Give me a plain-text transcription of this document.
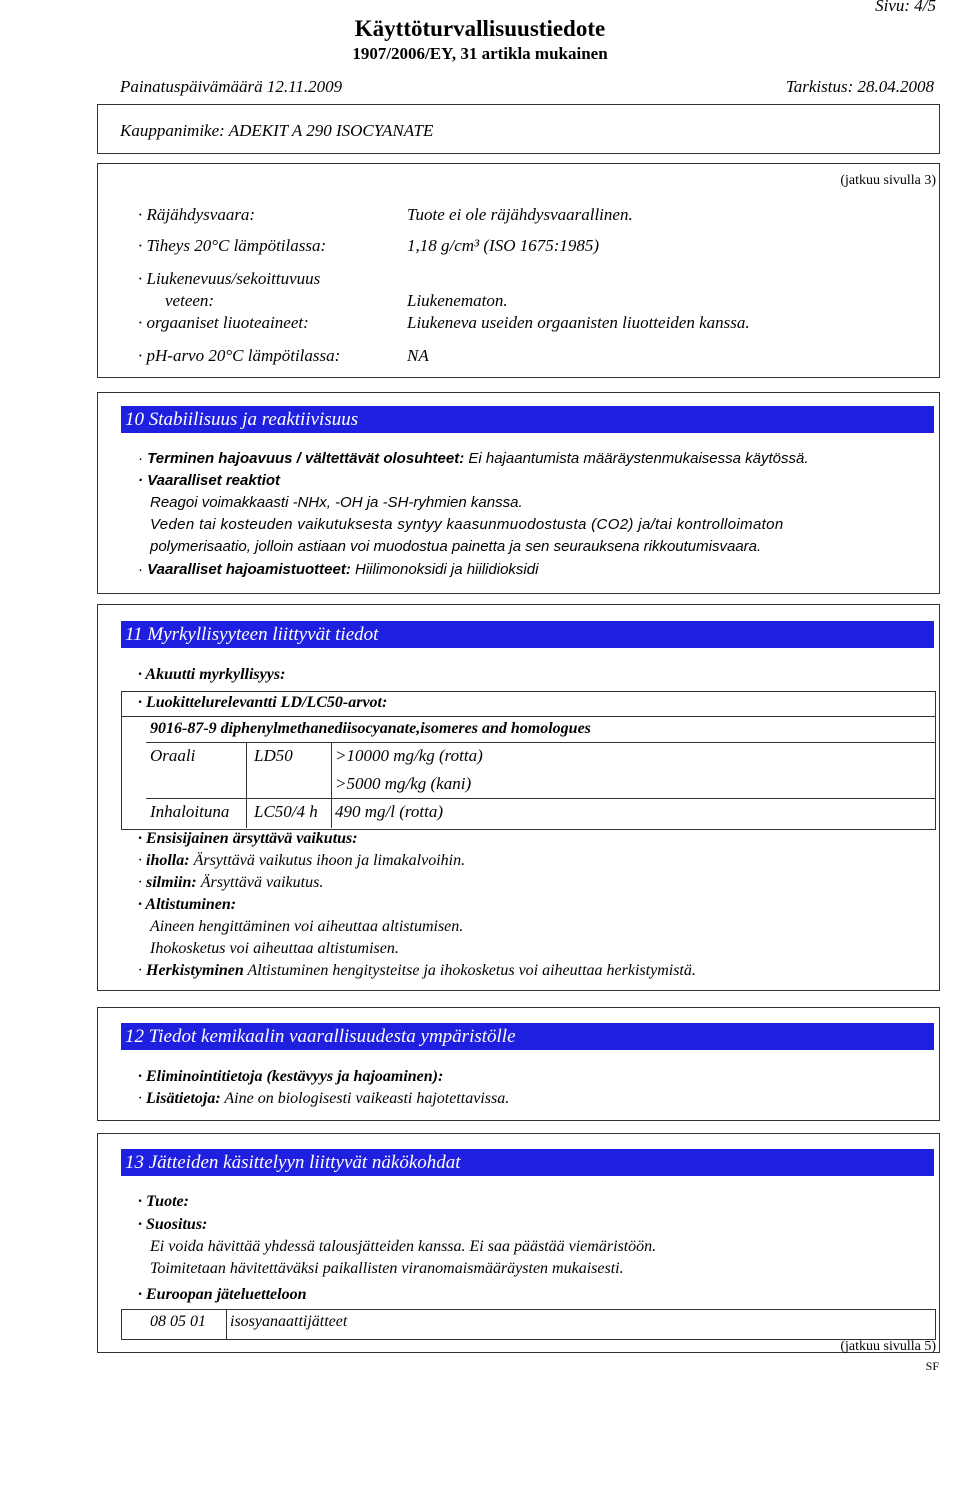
Sivu: 4/5
Käyttöturvallisuustiedote
1907/2006/EY, 31 artikla mukainen
Painatuspäivämäärä 12.11.2009	Tarkistus: 28.04.2008
Kauppanimike: ADEKIT A 290 ISOCYANATE
(jatkuu sivulla 3)
· Räjähdysvaara:	Tuote ei ole räjähdysvaarallinen.
· Tiheys 20°C lämpötilassa:	1,18 g/cm³ (ISO 1675:1985)
· Liukenevuus/sekoittuvuus
veteen:	Liukenematon.
· orgaaniset liuoteaineet:	Liukeneva useiden orgaanisten liuotteiden kanssa.
· pH-arvo 20°C lämpötilassa:	NA
10 Stabiilisuus ja reaktiivisuus
· Terminen hajoavuus / vältettävät olosuhteet: Ei hajaantumista määräystenmukaisessa käytössä.
· Vaaralliset reaktiot
Reagoi voimakkaasti -NHx, -OH ja -SH-ryhmien kanssa.
Veden tai kosteuden vaikutuksesta syntyy kaasunmuodostusta (CO2) ja/tai kontrolloimaton
polymerisaatio, jolloin astiaan voi muodostua painetta ja sen seurauksena rikkoutumisvaara.
· Vaaralliset hajoamistuotteet: Hiilimonoksidi ja hiilidioksidi
11 Myrkyllisyyteen liittyvät tiedot
· Akuutti myrkyllisyys:
· Luokittelurelevantti LD/LC50-arvot:
9016-87-9 diphenylmethanediisocyanate,isomeres and homologues
Oraali	LD50 >10000 mg/kg (rotta)
>5000 mg/kg (kani)
Inhaloituna LC50/4 h 490 mg/l (rotta)
· Ensisijainen ärsyttävä vaikutus:
· iholla: Ärsyttävä vaikutus ihoon ja limakalvoihin.
· silmiin: Ärsyttävä vaikutus.
· Altistuminen:
Aineen hengittäminen voi aiheuttaa altistumisen.
Ihokosketus voi aiheuttaa altistumisen.
· Herkistyminen Altistuminen hengitysteitse ja ihokosketus voi aiheuttaa herkistymistä.
12 Tiedot kemikaalin vaarallisuudesta ympäristölle
· Eliminointitietoja (kestävyys ja hajoaminen):
· Lisätietoja: Aine on biologisesti vaikeasti hajotettavissa.
13 Jätteiden käsittelyyn liittyvät näkökohdat
· Tuote:
· Suositus:
Ei voida hävittää yhdessä talousjätteiden kanssa. Ei saa päästää viemäristöön.
Toimitetaan hävitettäväksi paikallisten viranomaismääräysten mukaisesti.
· Euroopan jäteluetteloon
08 05 01 isosyanaattijätteet
(jatkuu sivulla 5)
SF
